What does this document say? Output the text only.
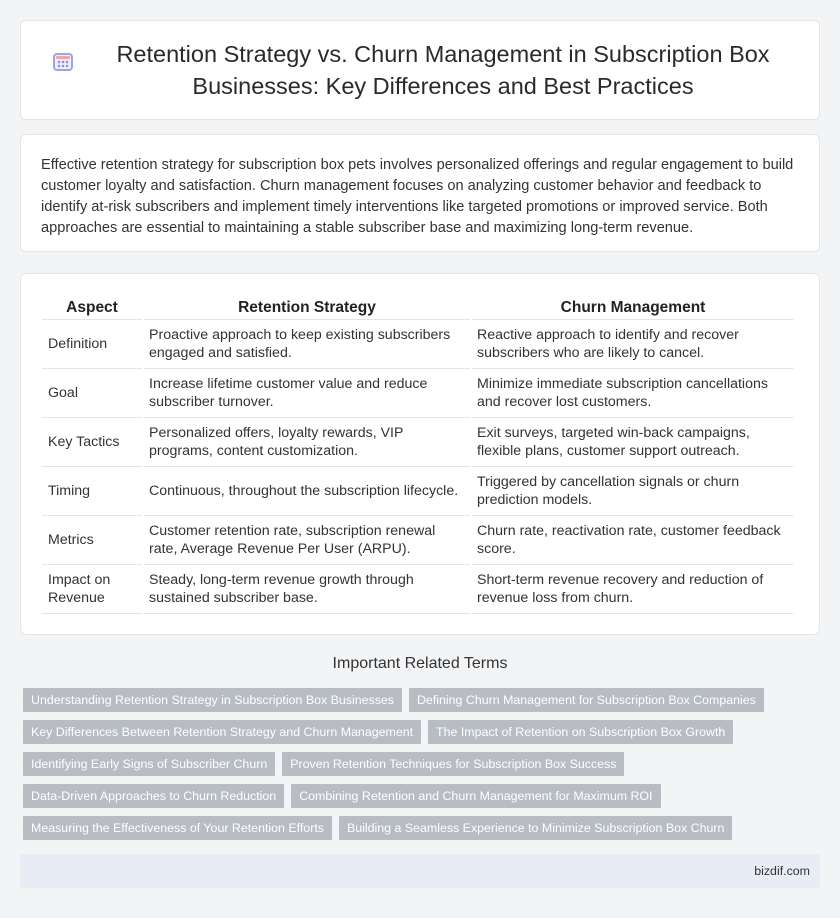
Retention Strategy vs. Churn Management in Subscription Box Businesses: Key Differences and Best Practices

Effective retention strategy for subscription box pets involves personalized offerings and regular engagement to build customer loyalty and satisfaction. Churn management focuses on analyzing customer behavior and feedback to identify at-risk subscribers and implement timely interventions like targeted promotions or improved service. Both approaches are essential to maintaining a stable subscriber base and maximizing long-term revenue.

Aspect	Retention Strategy	Churn Management
Definition	Proactive approach to keep existing subscribers engaged and satisfied.	Reactive approach to identify and recover subscribers who are likely to cancel.
Goal	Increase lifetime customer value and reduce subscriber turnover.	Minimize immediate subscription cancellations and recover lost customers.
Key Tactics	Personalized offers, loyalty rewards, VIP programs, content customization.	Exit surveys, targeted win-back campaigns, flexible plans, customer support outreach.
Timing	Continuous, throughout the subscription lifecycle.	Triggered by cancellation signals or churn prediction models.
Metrics	Customer retention rate, subscription renewal rate, Average Revenue Per User (ARPU).	Churn rate, reactivation rate, customer feedback score.
Impact on Revenue	Steady, long-term revenue growth through sustained subscriber base.	Short-term revenue recovery and reduction of revenue loss from churn.
Important Related Terms
Understanding Retention Strategy in Subscription Box Businesses	Defining Churn Management for Subscription Box Companies
Key Differences Between Retention Strategy and Churn Management	The Impact of Retention on Subscription Box Growth
Identifying Early Signs of Subscriber Churn	Proven Retention Techniques for Subscription Box Success
Data-Driven Approaches to Churn Reduction	Combining Retention and Churn Management for Maximum ROI
Measuring the Effectiveness of Your Retention Efforts	Building a Seamless Experience to Minimize Subscription Box Churn
bizdif.com
